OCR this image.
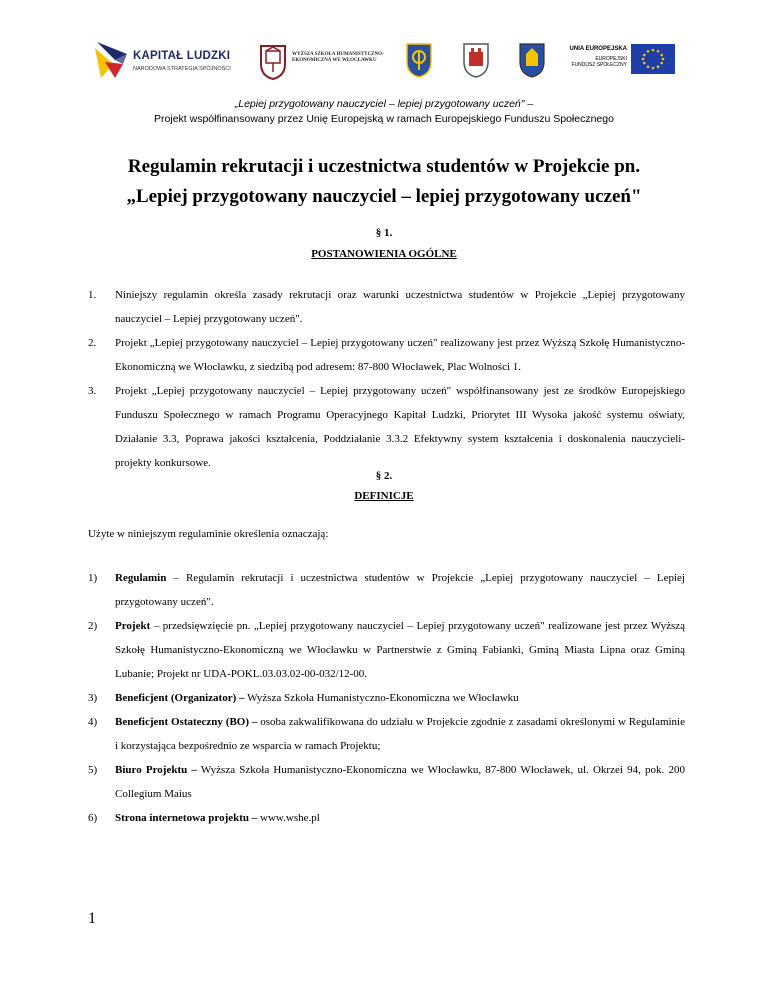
KAPITAŁ LUDZKI
NARODOWA STRATEGIA SPÓJNOŚCI
WYŻSZA SZKOŁA HUMANISTYCZNO-EKONOMICZNA WE WŁOCŁAWKU
UNIA EUROPEJSKA
EUROPEJSKI
FUNDUSZ SPOŁECZNY
„Lepiej przygotowany nauczyciel – lepiej przygotowany uczeń" –
Projekt współfinansowany przez Unię Europejską w ramach Europejskiego Funduszu Społecznego
Regulamin rekrutacji i uczestnictwa studentów w Projekcie pn.
„Lepiej przygotowany nauczyciel – lepiej przygotowany uczeń"
§ 1.
POSTANOWIENIA OGÓLNE
1. Niniejszy regulamin określa zasady rekrutacji oraz warunki uczestnictwa studentów w Projekcie „Lepiej przygotowany nauczyciel – Lepiej przygotowany uczeń".
2. Projekt „Lepiej przygotowany nauczyciel – Lepiej przygotowany uczeń" realizowany jest przez Wyższą Szkołę Humanistyczno-Ekonomiczną we Włocławku, z siedzibą pod adresem: 87-800 Włocławek, Plac Wolności 1.
3. Projekt „Lepiej przygotowany nauczyciel – Lepiej przygotowany uczeń" współfinansowany jest ze środków Europejskiego Funduszu Społecznego w ramach Programu Operacyjnego Kapitał Ludzki, Priorytet III Wysoka jakość systemu oświaty, Działanie 3.3, Poprawa jakości kształcenia, Poddziałanie 3.3.2 Efektywny system kształcenia i doskonalenia nauczycieli-projekty konkursowe.
§ 2.
DEFINICJE
Użyte w niniejszym regulaminie określenia oznaczają:
1) Regulamin – Regulamin rekrutacji i uczestnictwa studentów w Projekcie „Lepiej przygotowany nauczyciel – Lepiej przygotowany uczeń".
2) Projekt – przedsięwzięcie pn. „Lepiej przygotowany nauczyciel – Lepiej przygotowany uczeń" realizowane jest przez Wyższą Szkołę Humanistyczno-Ekonomiczną we Włocławku w Partnerstwie z Gminą Fabianki, Gminą Miasta Lipna oraz Gminą Lubanie; Projekt nr UDA-POKL.03.03.02-00-032/12-00.
3) Beneficjent (Organizator) – Wyższa Szkoła Humanistyczno-Ekonomiczna we Włocławku
4) Beneficjent Ostateczny (BO) – osoba zakwalifikowana do udziału w Projekcie zgodnie z zasadami określonymi w Regulaminie i korzystająca bezpośrednio ze wsparcia w ramach Projektu;
5) Biuro Projektu – Wyższa Szkoła Humanistyczno-Ekonomiczna we Włocławku, 87-800 Włocławek, ul. Okrzei 94, pok. 200 Collegium Maius
6) Strona internetowa projektu – www.wshe.pl
1
